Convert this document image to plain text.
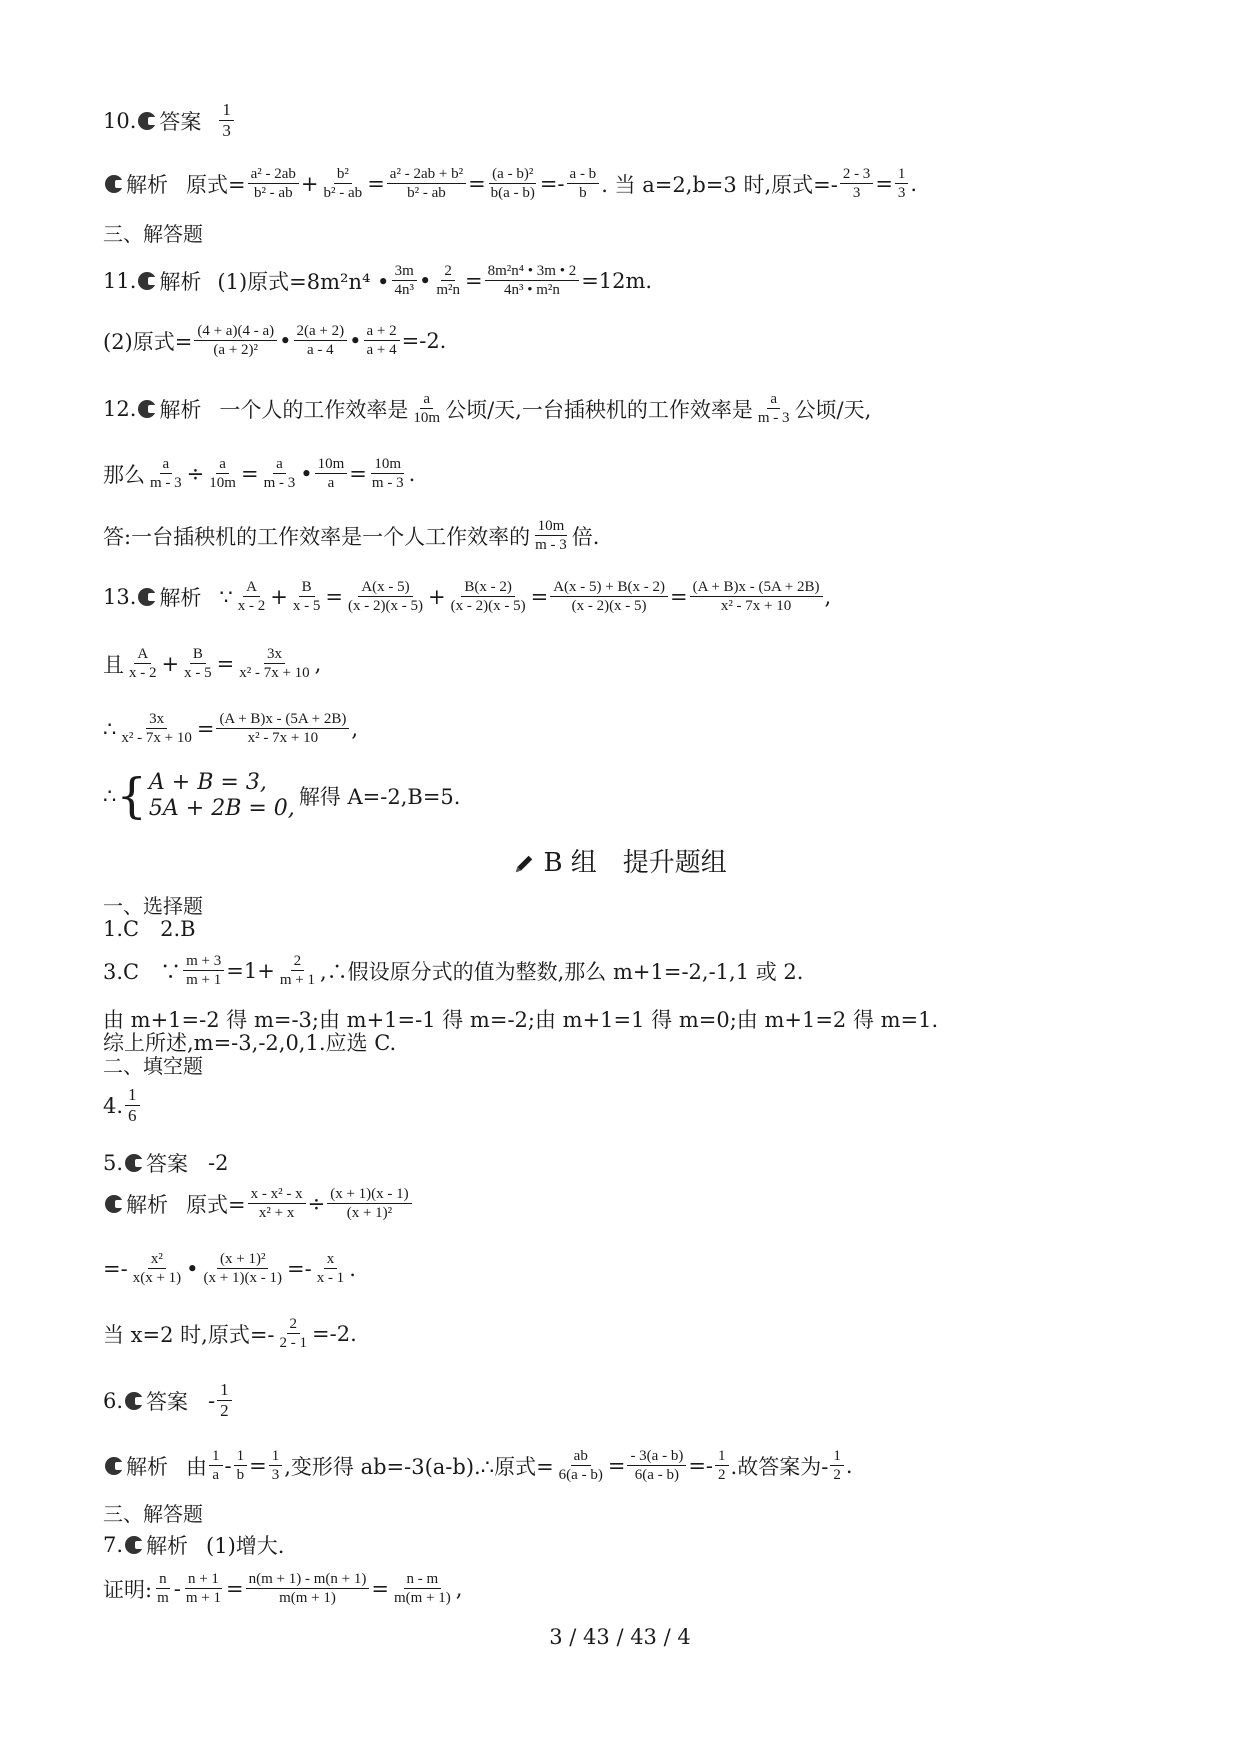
10. 答案 $\frac{1}{3}$
解析 原式= $\frac{\text{a² - 2ab}}{\text{b² - ab}} + \frac{\text{b²}}{\text{b² - ab}} = \frac{\text{a² - 2ab + b²}}{\text{b² - ab}} = \frac{\text{(a - b)²}}{b(a - b)} =- \frac{a - b}{b}$ . 当 a=2,b=3 时,原式=- $\frac{2 - 3}{3} = \frac{1}{3}$ .
三、解答题
11. 解析 (1)原式=8m²n⁴ • $\frac{3m}{\text{4n³}}$ • $\frac{2}{\text{m²n}} = \frac{\text{8m²n⁴ • 3m • 2}}{\text{4n³ • m²n}} =12m$.
(2)原式= $\frac{(4 + a)(4 - a)}{\text{(a + 2)²}}$ • $\frac{2(a + 2)}{a - 4}$ • $\frac{a + 2}{a + 4} =-2$.
12. 解析 一个人的工作效率是 $\frac{a}{10m}$ 公顷/天,一台插秧机的工作效率是 $\frac{a}{m - 3}$ 公顷/天,
那么 $\frac{a}{m - 3} \div \frac{a}{10m} = \frac{a}{m - 3}$ • $\frac{10m}{a} = \frac{10m}{m - 3}$ .
答:一台插秧机的工作效率是一个人工作效率的 $\frac{10m}{m - 3}$ 倍.
13. 解析 ∵ $\frac{A}{x - 2} + \frac{B}{x - 5} = \frac{A(x - 5)}{(x - 2)(x - 5)} + \frac{B(x - 2)}{(x - 2)(x - 5)} = \frac{A(x - 5) + B(x - 2)}{(x - 2)(x - 5)} = \frac{(A + B)x - (5A + 2B)}{\text{x² - 7x + 10}}$ ,
且 $\frac{A}{x - 2} + \frac{B}{x - 5} = \frac{3x}{\text{x² - 7x + 10}}$ ,
∴ $\frac{3x}{\text{x² - 7x + 10}} = \frac{(A + B)x - (5A + 2B)}{\text{x² - 7x + 10}}$ ,
∴ { A + B = 3,
5A + 2B = 0, 解得 A=-2,B=5.
B 组　提升题组
一、选择题
1.C　2.B
3.C　∵ $\frac{m + 3}{m + 1} =1+ \frac{2}{m + 1}$ ,∴假设原分式的值为整数,那么 m+1=-2,-1,1 或 2.
由 m+1=-2 得 m=-3;由 m+1=-1 得 m=-2;由 m+1=1 得 m=0;由 m+1=2 得 m=1.
综上所述,m=-3,-2,0,1.应选 C.
二、填空题
4. $\frac{1}{6}$
5. 答案 -2
解析 原式= $\frac{\text{x - x² - x}}{\text{x² + x}} \div \frac{(x + 1)(x - 1)}{\text{(x + 1)²}}$
=- $\frac{\text{x²}}{x(x + 1)}$ • $\frac{\text{(x + 1)²}}{(x + 1)(x - 1)} =- \frac{x}{x - 1}$ .
当 x=2 时,原式=- $\frac{2}{2 - 1} =-2$.
6. 答案 - $\frac{1}{2}$
解析 由 $\frac{1}{a} - \frac{1}{b} = \frac{1}{3}$ ,变形得 ab=-3(a-b).∴原式= $\frac{ab}{6(a - b)} = \frac{- 3(a - b)}{6(a - b)} =- \frac{1}{2}$ .故答案为- $\frac{1}{2}$ .
三、解答题
7. 解析 (1)增大.
证明: $\frac{n}{m} - \frac{n + 1}{m + 1} = \frac{n(m + 1) - m(n + 1)}{m(m + 1)} = \frac{n - m}{m(m + 1)}$ ,
3 / 43 / 43 / 4
